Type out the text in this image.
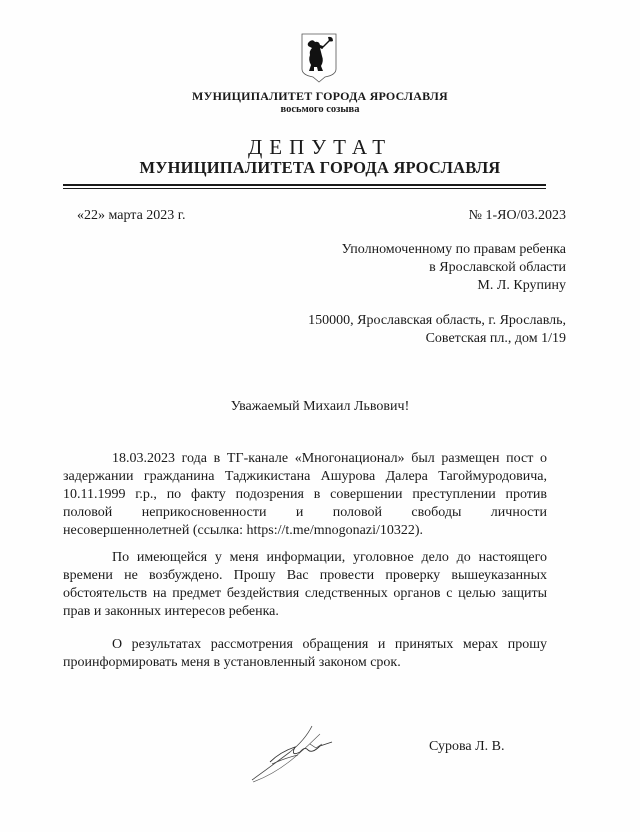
МУНИЦИПАЛИТЕТ ГОРОДА ЯРОСЛАВЛЯ
восьмого созыва
ДЕПУТАТ
МУНИЦИПАЛИТЕТА ГОРОДА ЯРОСЛАВЛЯ
«22» марта 2023 г.	№ 1-ЯО/03.2023
Уполномоченному по правам ребенка
в Ярославской области
М. Л. Крупину
150000, Ярославская область, г. Ярославль,
Советская пл., дом 1/19
Уважаемый Михаил Львович!
18.03.2023 года в ТГ-канале «Многонационал» был размещен пост о задержании гражданина Таджикистана Ашурова Далера Тагоймуродовича, 10.11.1999 г.р., по факту подозрения в совершении преступлении против половой неприкосновенности и половой свободы личности несовершеннолетней (ссылка: https://t.me/mnogonazi/10322).
По имеющейся у меня информации, уголовное дело до настоящего времени не возбуждено. Прошу Вас провести проверку вышеуказанных обстоятельств на предмет бездействия следственных органов с целью защиты прав и законных интересов ребенка.
О результатах рассмотрения обращения и принятых мерах прошу проинформировать меня в установленный законом срок.
Сурова Л. В.
